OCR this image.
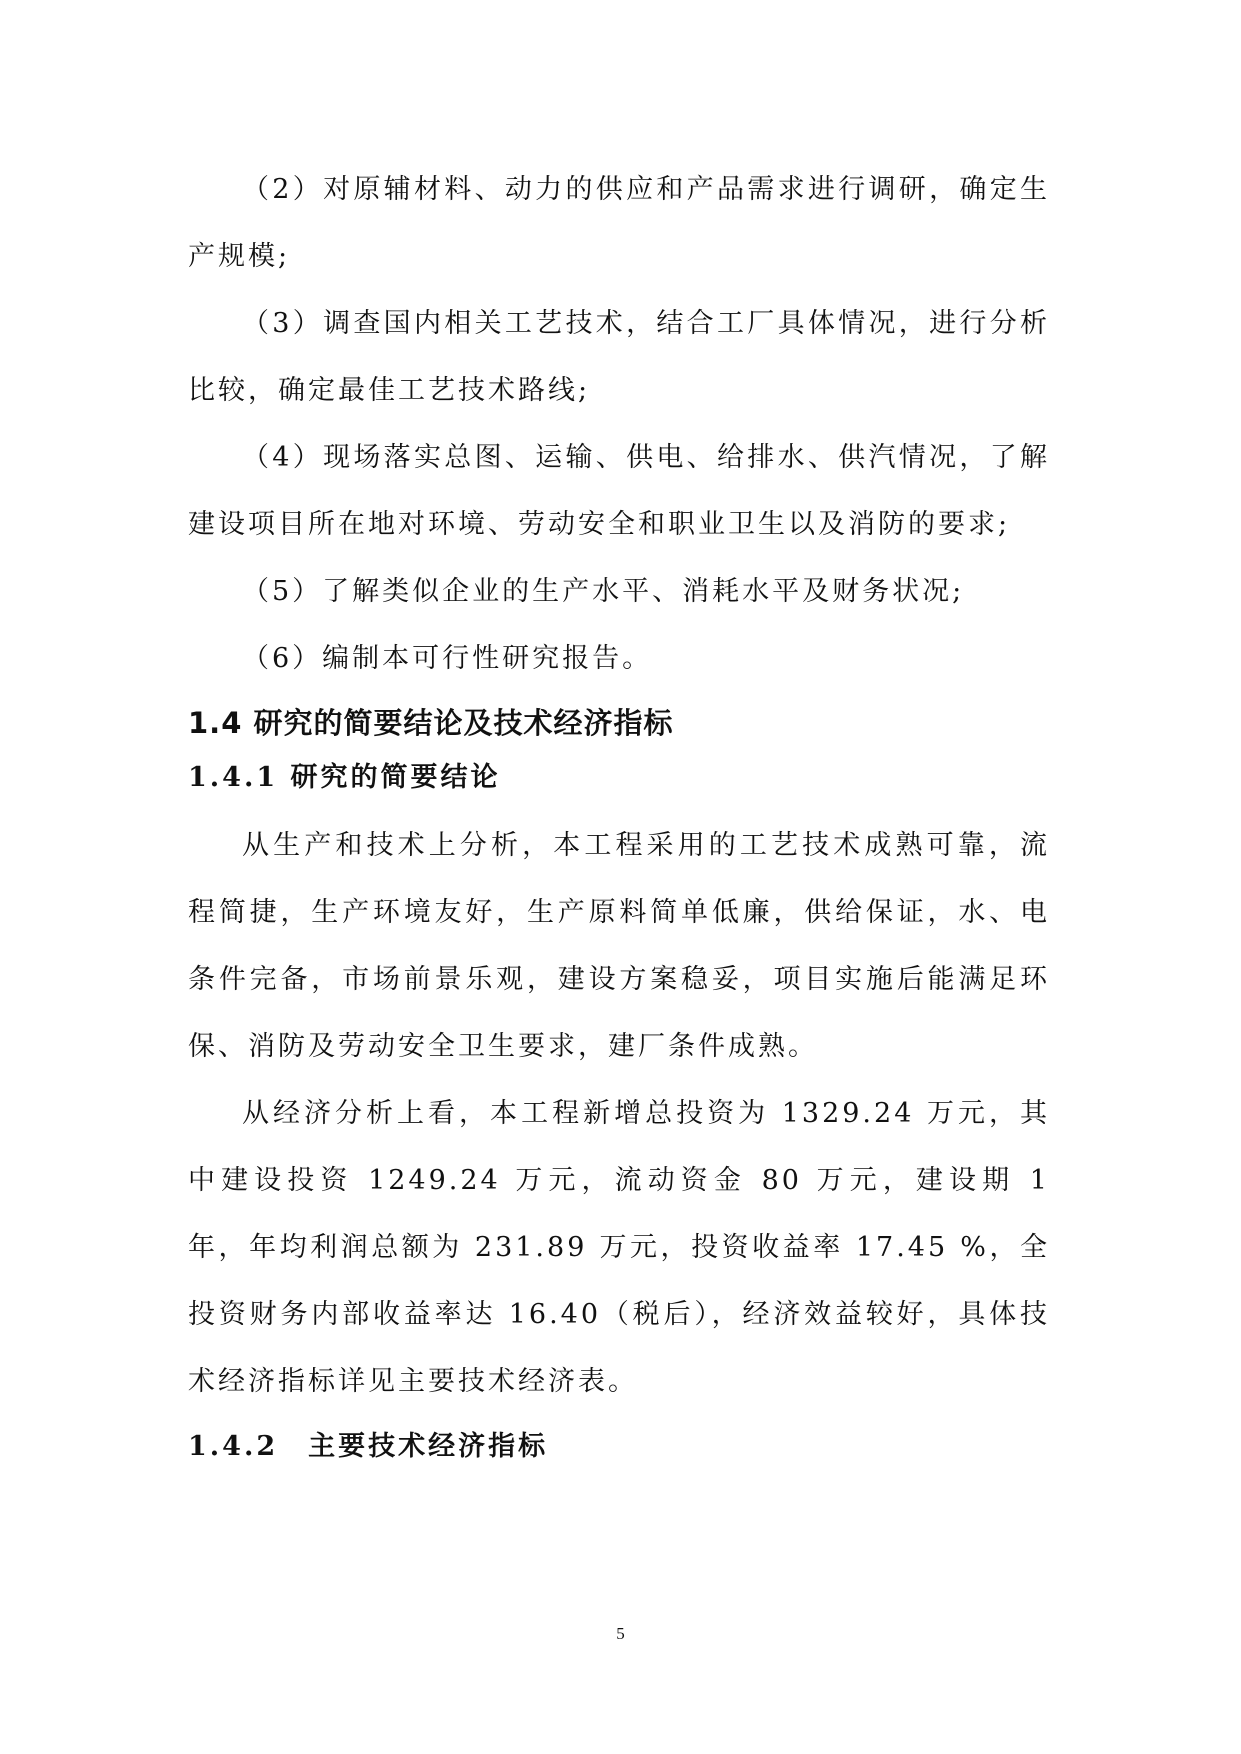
（2）对原辅材料、动力的供应和产品需求进行调研，确定生产规模;

（3）调查国内相关工艺技术，结合工厂具体情况，进行分析比较，确定最佳工艺技术路线;

（4）现场落实总图、运输、供电、给排水、供汽情况，了解建设项目所在地对环境、劳动安全和职业卫生以及消防的要求;

（5）了解类似企业的生产水平、消耗水平及财务状况;

（6）编制本可行性研究报告。

1.4 研究的简要结论及技术经济指标
1.4.1 研究的简要结论

从生产和技术上分析，本工程采用的工艺技术成熟可靠，流程简捷，生产环境友好，生产原料简单低廉，供给保证，水、电条件完备，市场前景乐观，建设方案稳妥，项目实施后能满足环保、消防及劳动安全卫生要求，建厂条件成熟。

从经济分析上看，本工程新增总投资为 1329.24 万元，其中建设投资 1249.24 万元，流动资金 80 万元，建设期 1 年，年均利润总额为 231.89 万元，投资收益率 17.45 %，全投资财务内部收益率达 16.40（税后），经济效益较好，具体技术经济指标详见主要技术经济表。

1.4.2　主要技术经济指标
5
